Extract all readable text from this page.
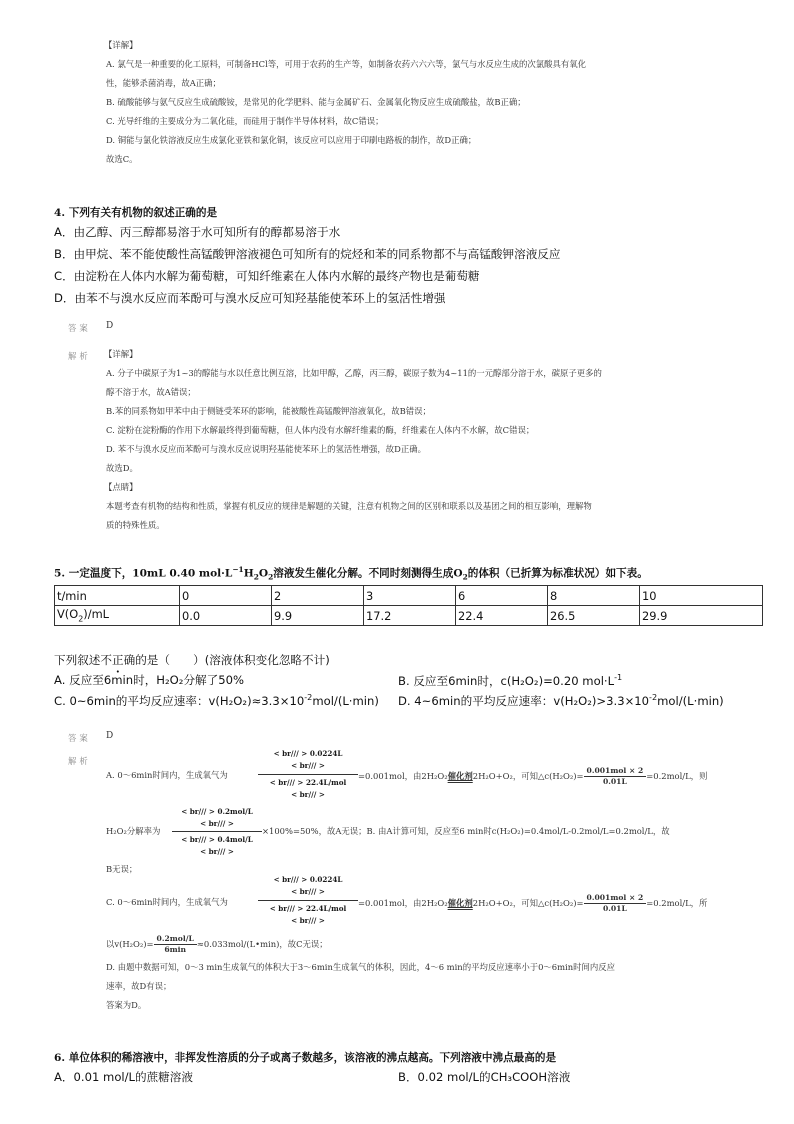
【详解】
A. 氯气是一种重要的化工原料，可制备HCl等，可用于农药的生产等，如制备农药六六六等，氯气与水反应生成的次氯酸具有氧化
性，能够杀菌消毒，故A正确；
B. 硫酸能够与氨气反应生成硫酸铵，是常见的化学肥料、能与金属矿石、金属氧化物反应生成硫酸盐，故B正确；
C. 光导纤维的主要成分为二氧化硅，而硅用于制作半导体材料，故C错误；
D. 铜能与氯化铁溶液反应生成氯化亚铁和氯化铜，该反应可以应用于印刷电路板的制作，故D正确；
故选C。
4. 下列有关有机物的叙述正确的是
A．由乙醇、丙三醇都易溶于水可知所有的醇都易溶于水
B．由甲烷、苯不能使酸性高锰酸钾溶液褪色可知所有的烷烃和苯的同系物都不与高锰酸钾溶液反应
C．由淀粉在人体内水解为葡萄糖，可知纤维素在人体内水解的最终产物也是葡萄糖
D．由苯不与溴水反应而苯酚可与溴水反应可知羟基能使苯环上的氢活性增强
答案 D
解析 【详解】
A. 分子中碳原子为1~3的醇能与水以任意比例互溶，比如甲醇，乙醇，丙三醇，碳原子数为4~11的一元醇部分溶于水，碳原子更多的
醇不溶于水，故A错误；
B.苯的同系物如甲苯中由于侧链受苯环的影响，能被酸性高锰酸钾溶液氧化，故B错误；
C. 淀粉在淀粉酶的作用下水解最终得到葡萄糖，但人体内没有水解纤维素的酶，纤维素在人体内不水解，故C错误；
D. 苯不与溴水反应而苯酚可与溴水反应说明羟基能使苯环上的氢活性增强，故D正确。
故选D。
【点睛】
本题考查有机物的结构和性质，掌握有机反应的规律是解题的关键，注意有机物之间的区别和联系以及基团之间的相互影响，理解物
质的特殊性质。
5. 一定温度下，10mL 0.40 $mol\cdot L^{-1}H_2O_2$溶液发生催化分解。不同时刻测得生成$O_2$的体积（已折算为标准状况）如下表。
t/min	0	2	3	6	8	10
$V(O_2)/mL$	0.0	9.9	17.2	22.4	26.5	29.9
下列叙述不正确的是（　　）(溶液体积变化忽略不计)
A. 反应至6min时，H₂O₂分解了50%	B. 反应至6min时，c(H₂O₂)=0.20 $mol\cdot L^{-1}$
C. 0~6min的平均反应速率：$v(H_2O_2)\approx 3.3\times 10^{-2}mol/(L\cdot\min)$ D. 4~6min的平均反应速率：$v(H_2O_2)>3.3\times 10^{-2}mol/(L\cdot\min)$
答案 D
解析
< br/// > 0.0224L
< br/// >
A. 0～6min时间内，生成氧气为
< br/// > 22.4L/mol
< br/// >
=0.001mol，由2H₂O₂催化剂2H₂O+O₂，可知△c(H₂O₂)= $\frac{\text{0.001mol × 2}}{0.01L} =0.2mol/L$，则
< br/// > 0.2mol/L
< br/// >
H₂O₂分解率为
< br/// > 0.4mol/L
< br/// >
×100%=50%，故A无误；B. 由A计算可知，反应至6 min时c(H₂O₂)=0.4mol/L-0.2mol/L=0.2mol/L，故
B无误；
< br/// > 0.0224L
< br/// >
C. 0～6min时间内，生成氧气为
< br/// > 22.4L/mol
< br/// >
=0.001mol，由2H₂O₂催化剂2H₂O+O₂，可知△c(H₂O₂)= $\frac{\text{0.001mol × 2}}{0.01L} =0.2mol/L$，所
以$v(H_2O_2)= \frac{\text{0.2mol/L}}{6\min}$ ≈0.033mol/(L•min)，故C无误；
D. 由题中数据可知，0～3 min生成氧气的体积大于3～6min生成氧气的体积，因此，4～6 min的平均反应速率小于0～6min时间内反应
速率，故D有误；
答案为D。
6. 单位体积的稀溶液中，非挥发性溶质的分子或离子数越多，该溶液的沸点越高。下列溶液中沸点最高的是
A．0.01 mol/L的蔗糖溶液	B．0.02 mol/L的CH₃COOH溶液
